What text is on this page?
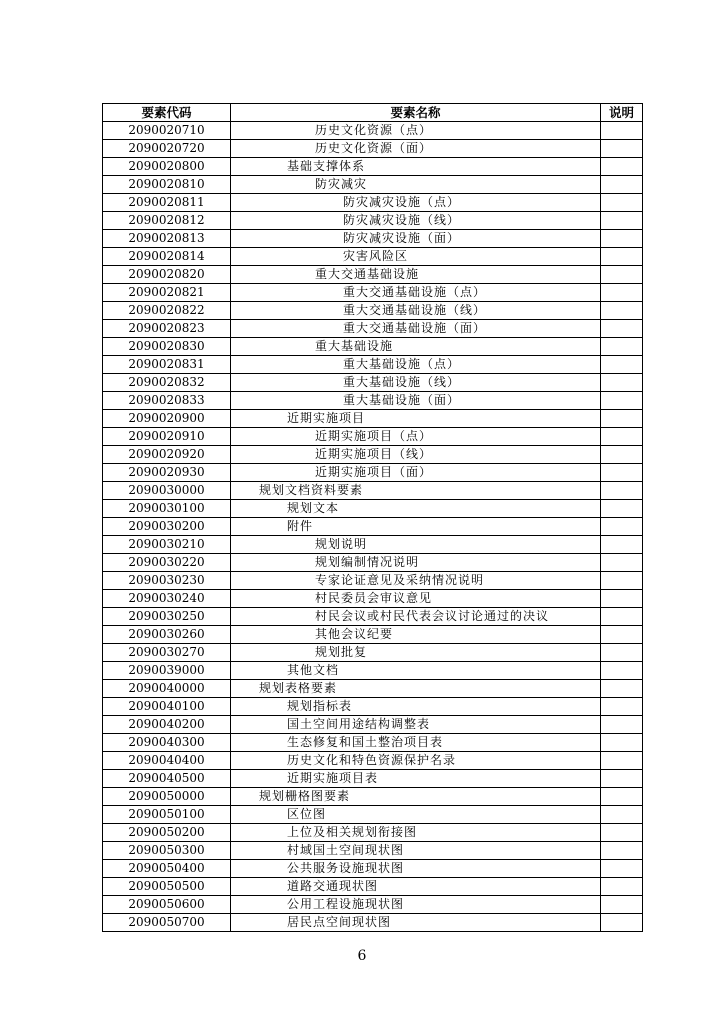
要素代码	要素名称	说明
2090020710	历史文化资源（点）	
2090020720	历史文化资源（面）	
2090020800	基础支撑体系	
2090020810	防灾减灾	
2090020811	防灾减灾设施（点）	
2090020812	防灾减灾设施（线）	
2090020813	防灾减灾设施（面）	
2090020814	灾害风险区	
2090020820	重大交通基础设施	
2090020821	重大交通基础设施（点）	
2090020822	重大交通基础设施（线）	
2090020823	重大交通基础设施（面）	
2090020830	重大基础设施	
2090020831	重大基础设施（点）	
2090020832	重大基础设施（线）	
2090020833	重大基础设施（面）	
2090020900	近期实施项目	
2090020910	近期实施项目（点）	
2090020920	近期实施项目（线）	
2090020930	近期实施项目（面）	
2090030000	规划文档资料要素	
2090030100	规划文本	
2090030200	附件	
2090030210	规划说明	
2090030220	规划编制情况说明	
2090030230	专家论证意见及采纳情况说明	
2090030240	村民委员会审议意见	
2090030250	村民会议或村民代表会议讨论通过的决议	
2090030260	其他会议纪要	
2090030270	规划批复	
2090039000	其他文档	
2090040000	规划表格要素	
2090040100	规划指标表	
2090040200	国土空间用途结构调整表	
2090040300	生态修复和国土整治项目表	
2090040400	历史文化和特色资源保护名录	
2090040500	近期实施项目表	
2090050000	规划栅格图要素	
2090050100	区位图	
2090050200	上位及相关规划衔接图	
2090050300	村域国土空间现状图	
2090050400	公共服务设施现状图	
2090050500	道路交通现状图	
2090050600	公用工程设施现状图	
2090050700	居民点空间现状图	
6
